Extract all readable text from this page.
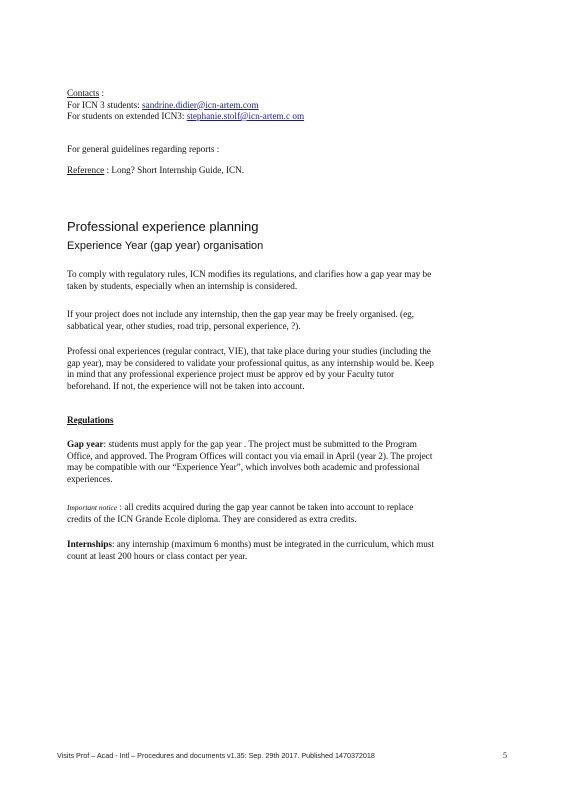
Contacts :
For ICN 3 students: sandrine.didier@icn-artem.com
For students on extended ICN3: stephanie.stolf@icn-artem.c om
For general guidelines regarding reports :
Reference : Long? Short Internship Guide, ICN.
Professional experience planning
Experience Year (gap year) organisation
To comply with regulatory rules, ICN modifies its regulations, and clarifies how a gap year may be
taken by students, especially when an internship is considered.
If your project does not include any internship, then the gap year may be freely organised. (eg,
sabbatical year, other studies, road trip, personal experience, ?).
Professi onal experiences (regular contract, VIE), that take place during your studies (including the
gap year), may be considered to validate your professional quitus, as any internship would be. Keep
in mind that any professional experience project must be approv ed by your Faculty tutor
beforehand. If not, the experience will not be taken into account.
Regulations
Gap year: students must apply for the gap year . The project must be submitted to the Program
Office, and approved. The Program Offices will contact you via email in April (year 2). The project
may be compatible with our “Experience Year”, which involves both academic and professional
experiences.
Important notice : all credits acquired during the gap year cannot be taken into account to replace
credits of the ICN Grande Ecole diploma. They are considered as extra credits.
Internships: any internship (maximum 6 months) must be integrated in the curriculum, which must
count at least 200 hours or class contact per year.
Visits Prof – Acad - Intl – Procedures and documents v1.35: Sep. 29th 2017. Published 1470372018	5
